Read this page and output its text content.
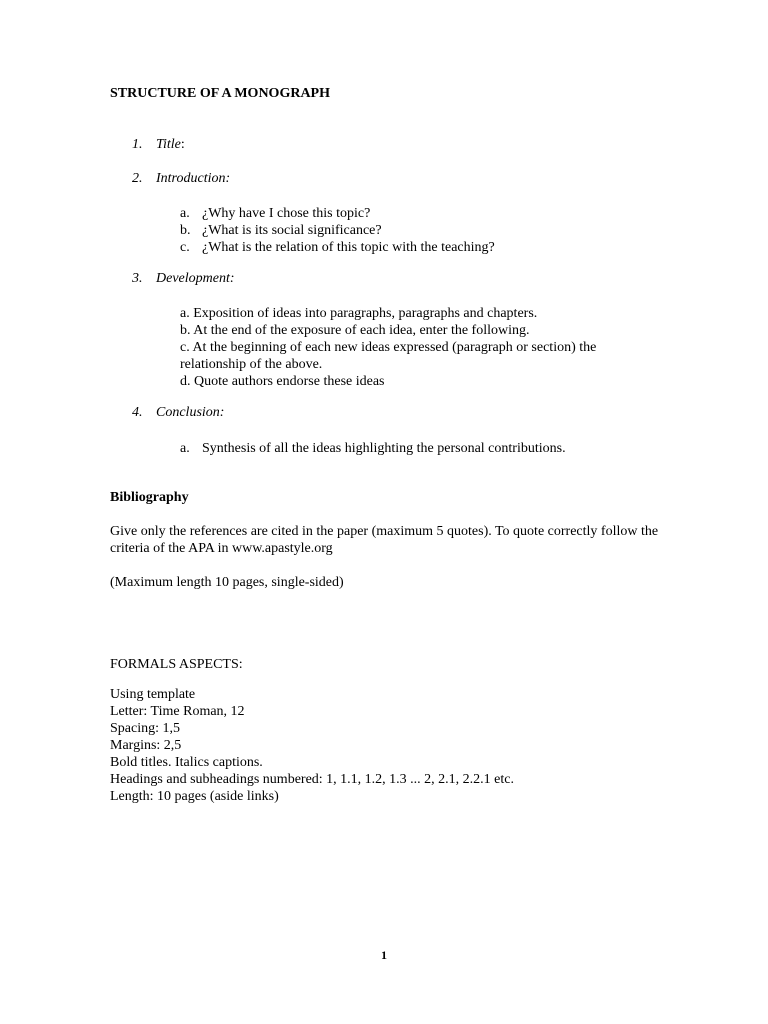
STRUCTURE OF A MONOGRAPH
1. Title:
2. Introduction:
a. ¿Why have I chose this topic?
b. ¿What is its social significance?
c. ¿What is the relation of this topic with the teaching?
3. Development:

a. Exposition of ideas into paragraphs, paragraphs and chapters.

b. At the end of the exposure of each idea, enter the following.

c. At the beginning of each new ideas expressed (paragraph or section) the relationship of the above.

d. Quote authors endorse these ideas

4. Conclusion:
a. Synthesis of all the ideas highlighting the personal contributions.
Bibliography

Give only the references are cited in the paper (maximum 5 quotes). To quote correctly follow the criteria of the APA in www.apastyle.org

(Maximum length 10 pages, single-sided)

FORMALS ASPECTS:
Using template
Letter: Time Roman, 12
Spacing: 1,5
Margins: 2,5
Bold titles. Italics captions.
Headings and subheadings numbered: 1, 1.1, 1.2, 1.3 ... 2, 2.1, 2.2.1 etc.
Length: 10 pages (aside links)
1
